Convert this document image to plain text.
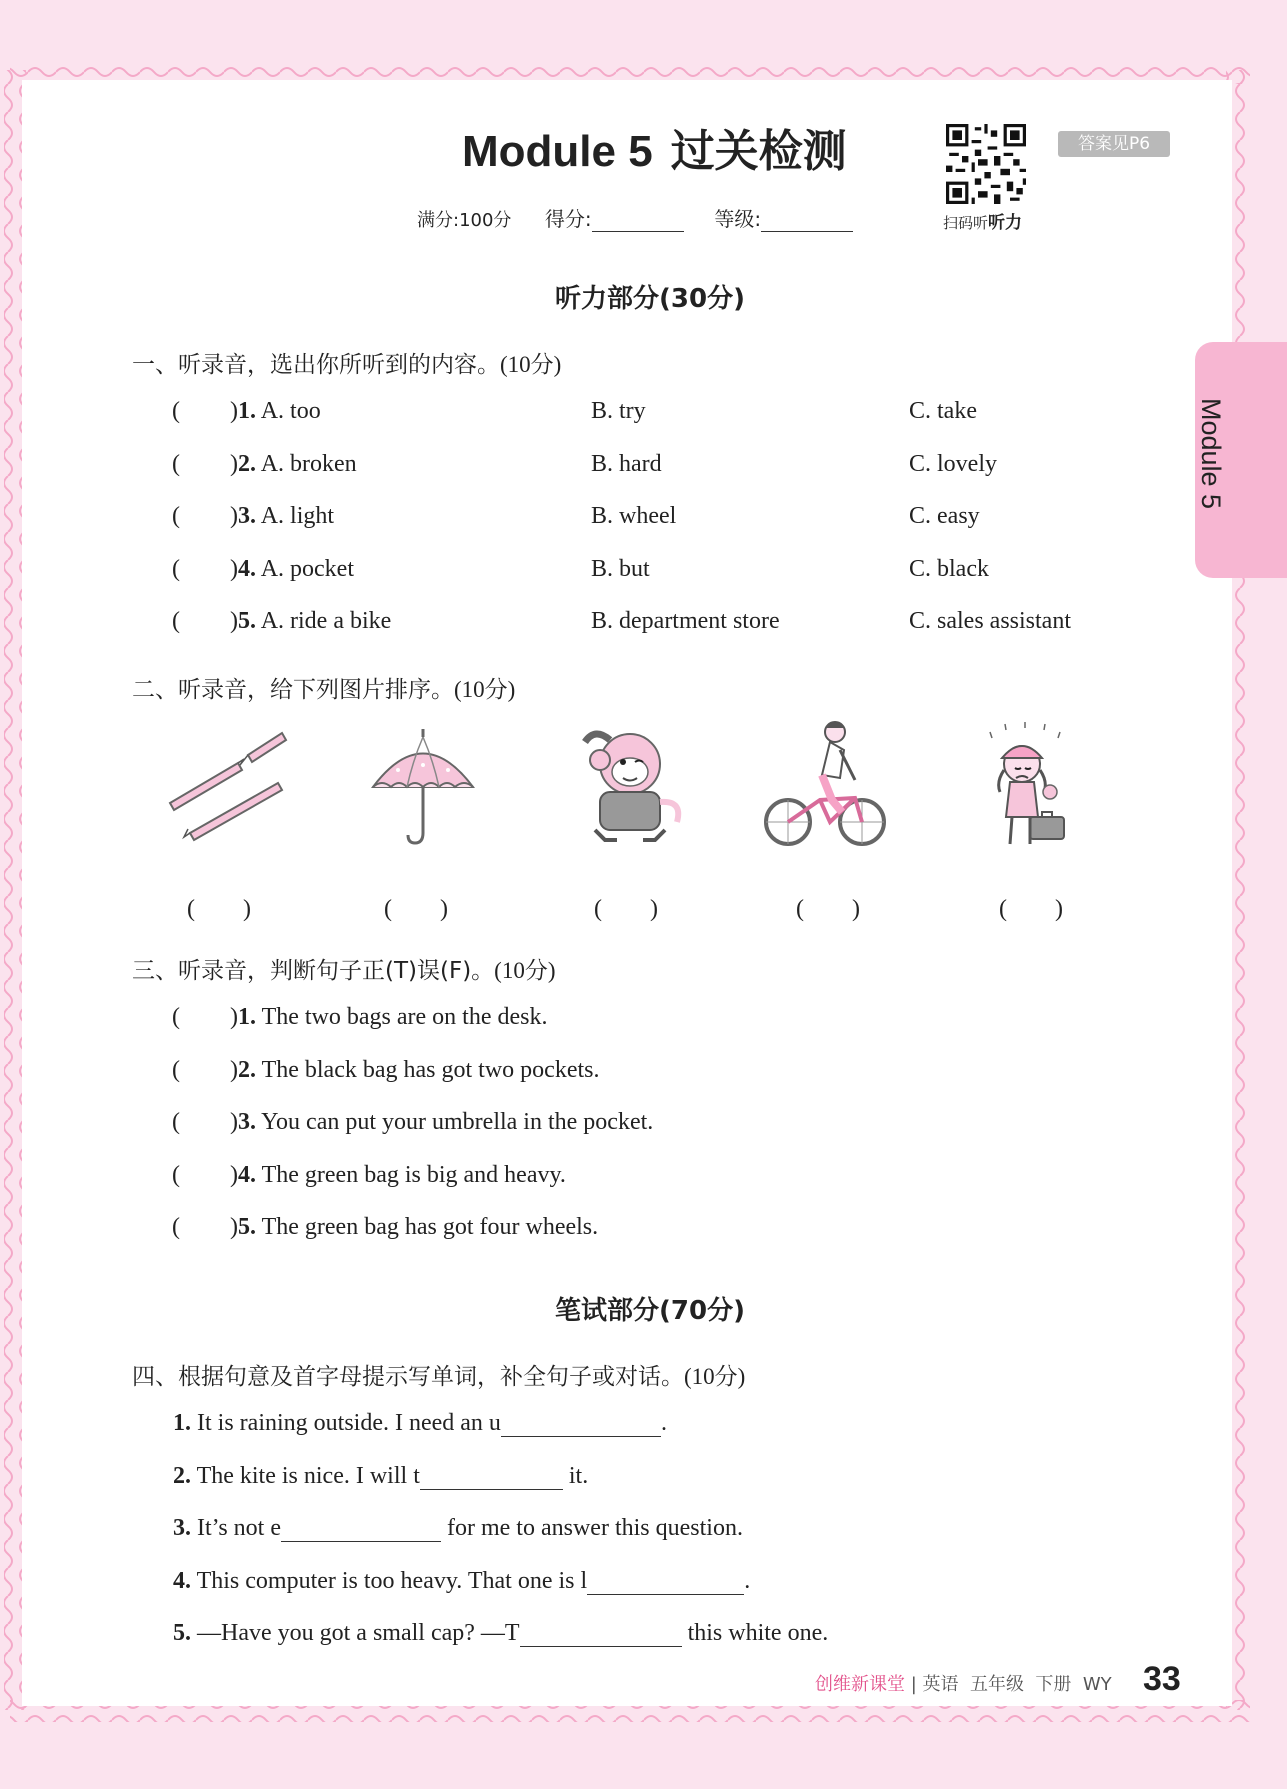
Module 5
Module 5 过关检测
扫码听听力
答案见P6
满分:100分 得分:	等级:
听力部分(30分)
一、听录音，选出你所听到的内容。(10分)
( )1. A. too	B. try	C. take
( )2. A. broken	B. hard	C. lovely
( )3. A. light	B. wheel	C. easy
( )4. A. pocket	B. but	C. black
( )5. A. ride a bike	B. department store	C. sales assistant
二、听录音，给下列图片排序。(10分)
(　　)	(　　)	(　　)	(　　)	(　　)
三、听录音，判断句子正(T)误(F)。(10分)
( )1. The two bags are on the desk.
( )2. The black bag has got two pockets.
( )3. You can put your umbrella in the pocket.
( )4. The green bag is big and heavy.
( )5. The green bag has got four wheels.
笔试部分(70分)
四、根据句意及首字母提示写单词，补全句子或对话。(10分)
1. It is raining outside. I need an u	.
2. The kite is nice. I will t	it.
3. It’s not e	for me to answer this question.
4. This computer is too heavy. That one is l	.
5. —Have you got a small cap? —T	this white one.
创维新课堂 | 英语  五年级  下册  WY 33
